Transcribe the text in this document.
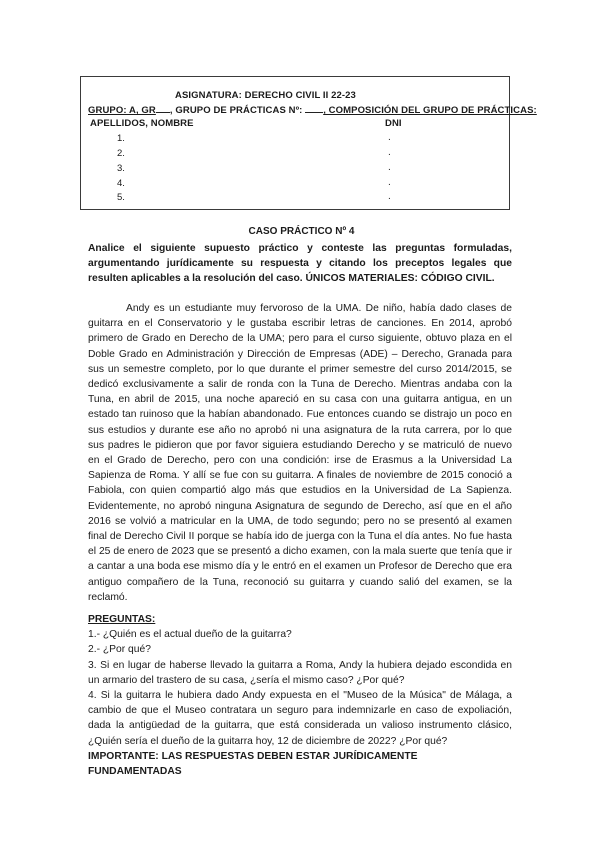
ASIGNATURA: DERECHO CIVIL II 22-23
GRUPO: A, GR , GRUPO DE PRÁCTICAS Nº: , COMPOSICIÓN DEL GRUPO DE PRÁCTICAS:
APELLIDOS, NOMBRE	DNI
1.
2.
3.
4.
5.
.
.
.
.
.
CASO PRÁCTICO Nº 4
Analice el siguiente supuesto práctico y conteste las preguntas formuladas, argumentando jurídicamente su respuesta y citando los preceptos legales que resulten aplicables a la resolución del caso. ÚNICOS MATERIALES: CÓDIGO CIVIL.

Andy es un estudiante muy fervoroso de la UMA. De niño, había dado clases de guitarra en el Conservatorio y le gustaba escribir letras de canciones. En 2014, aprobó primero de Grado en Derecho de la UMA; pero para el curso siguiente, obtuvo plaza en el Doble Grado en Administración y Dirección de Empresas (ADE) – Derecho, Granada para sus un semestre completo, por lo que durante el primer semestre del curso 2014/2015, se dedicó exclusivamente a salir de ronda con la Tuna de Derecho. Mientras andaba con la Tuna, en abril de 2015, una noche apareció en su casa con una guitarra antigua, en un estado tan ruinoso que la habían abandonado. Fue entonces cuando se distrajo un poco en sus estudios y durante ese año no aprobó ni una asignatura de la ruta carrera, por lo que sus padres le pidieron que por favor siguiera estudiando Derecho y se matriculó de nuevo en el Grado de Derecho, pero con una condición: irse de Erasmus a la Universidad La Sapienza de Roma. Y allí se fue con su guitarra. A finales de noviembre de 2015 conoció a Fabiola, con quien compartió algo más que estudios en la Universidad de La Sapienza. Evidentemente, no aprobó ninguna Asignatura de segundo de Derecho, así que en el año 2016 se volvió a matricular en la UMA, de todo segundo; pero no se presentó al examen final de Derecho Civil II porque se había ido de juerga con la Tuna el día antes. No fue hasta el 25 de enero de 2023 que se presentó a dicho examen, con la mala suerte que tenía que ir a cantar a una boda ese mismo día y le entró en el examen un Profesor de Derecho que era antiguo compañero de la Tuna, reconoció su guitarra y cuando salió del examen, se la reclamó.

PREGUNTAS:

1.- ¿Quién es el actual dueño de la guitarra?

2.- ¿Por qué?

3. Si en lugar de haberse llevado la guitarra a Roma, Andy la hubiera dejado escondida en un armario del trastero de su casa, ¿sería el mismo caso? ¿Por qué?

4. Si la guitarra le hubiera dado Andy expuesta en el "Museo de la Música" de Málaga, a cambio de que el Museo contratara un seguro para indemnizarle en caso de expoliación, dada la antigüedad de la guitarra, que está considerada un valioso instrumento clásico, ¿Quién sería el dueño de la guitarra hoy, 12 de diciembre de 2022? ¿Por qué?

IMPORTANTE: LAS RESPUESTAS DEBEN ESTAR JURÍDICAMENTE FUNDAMENTADAS
